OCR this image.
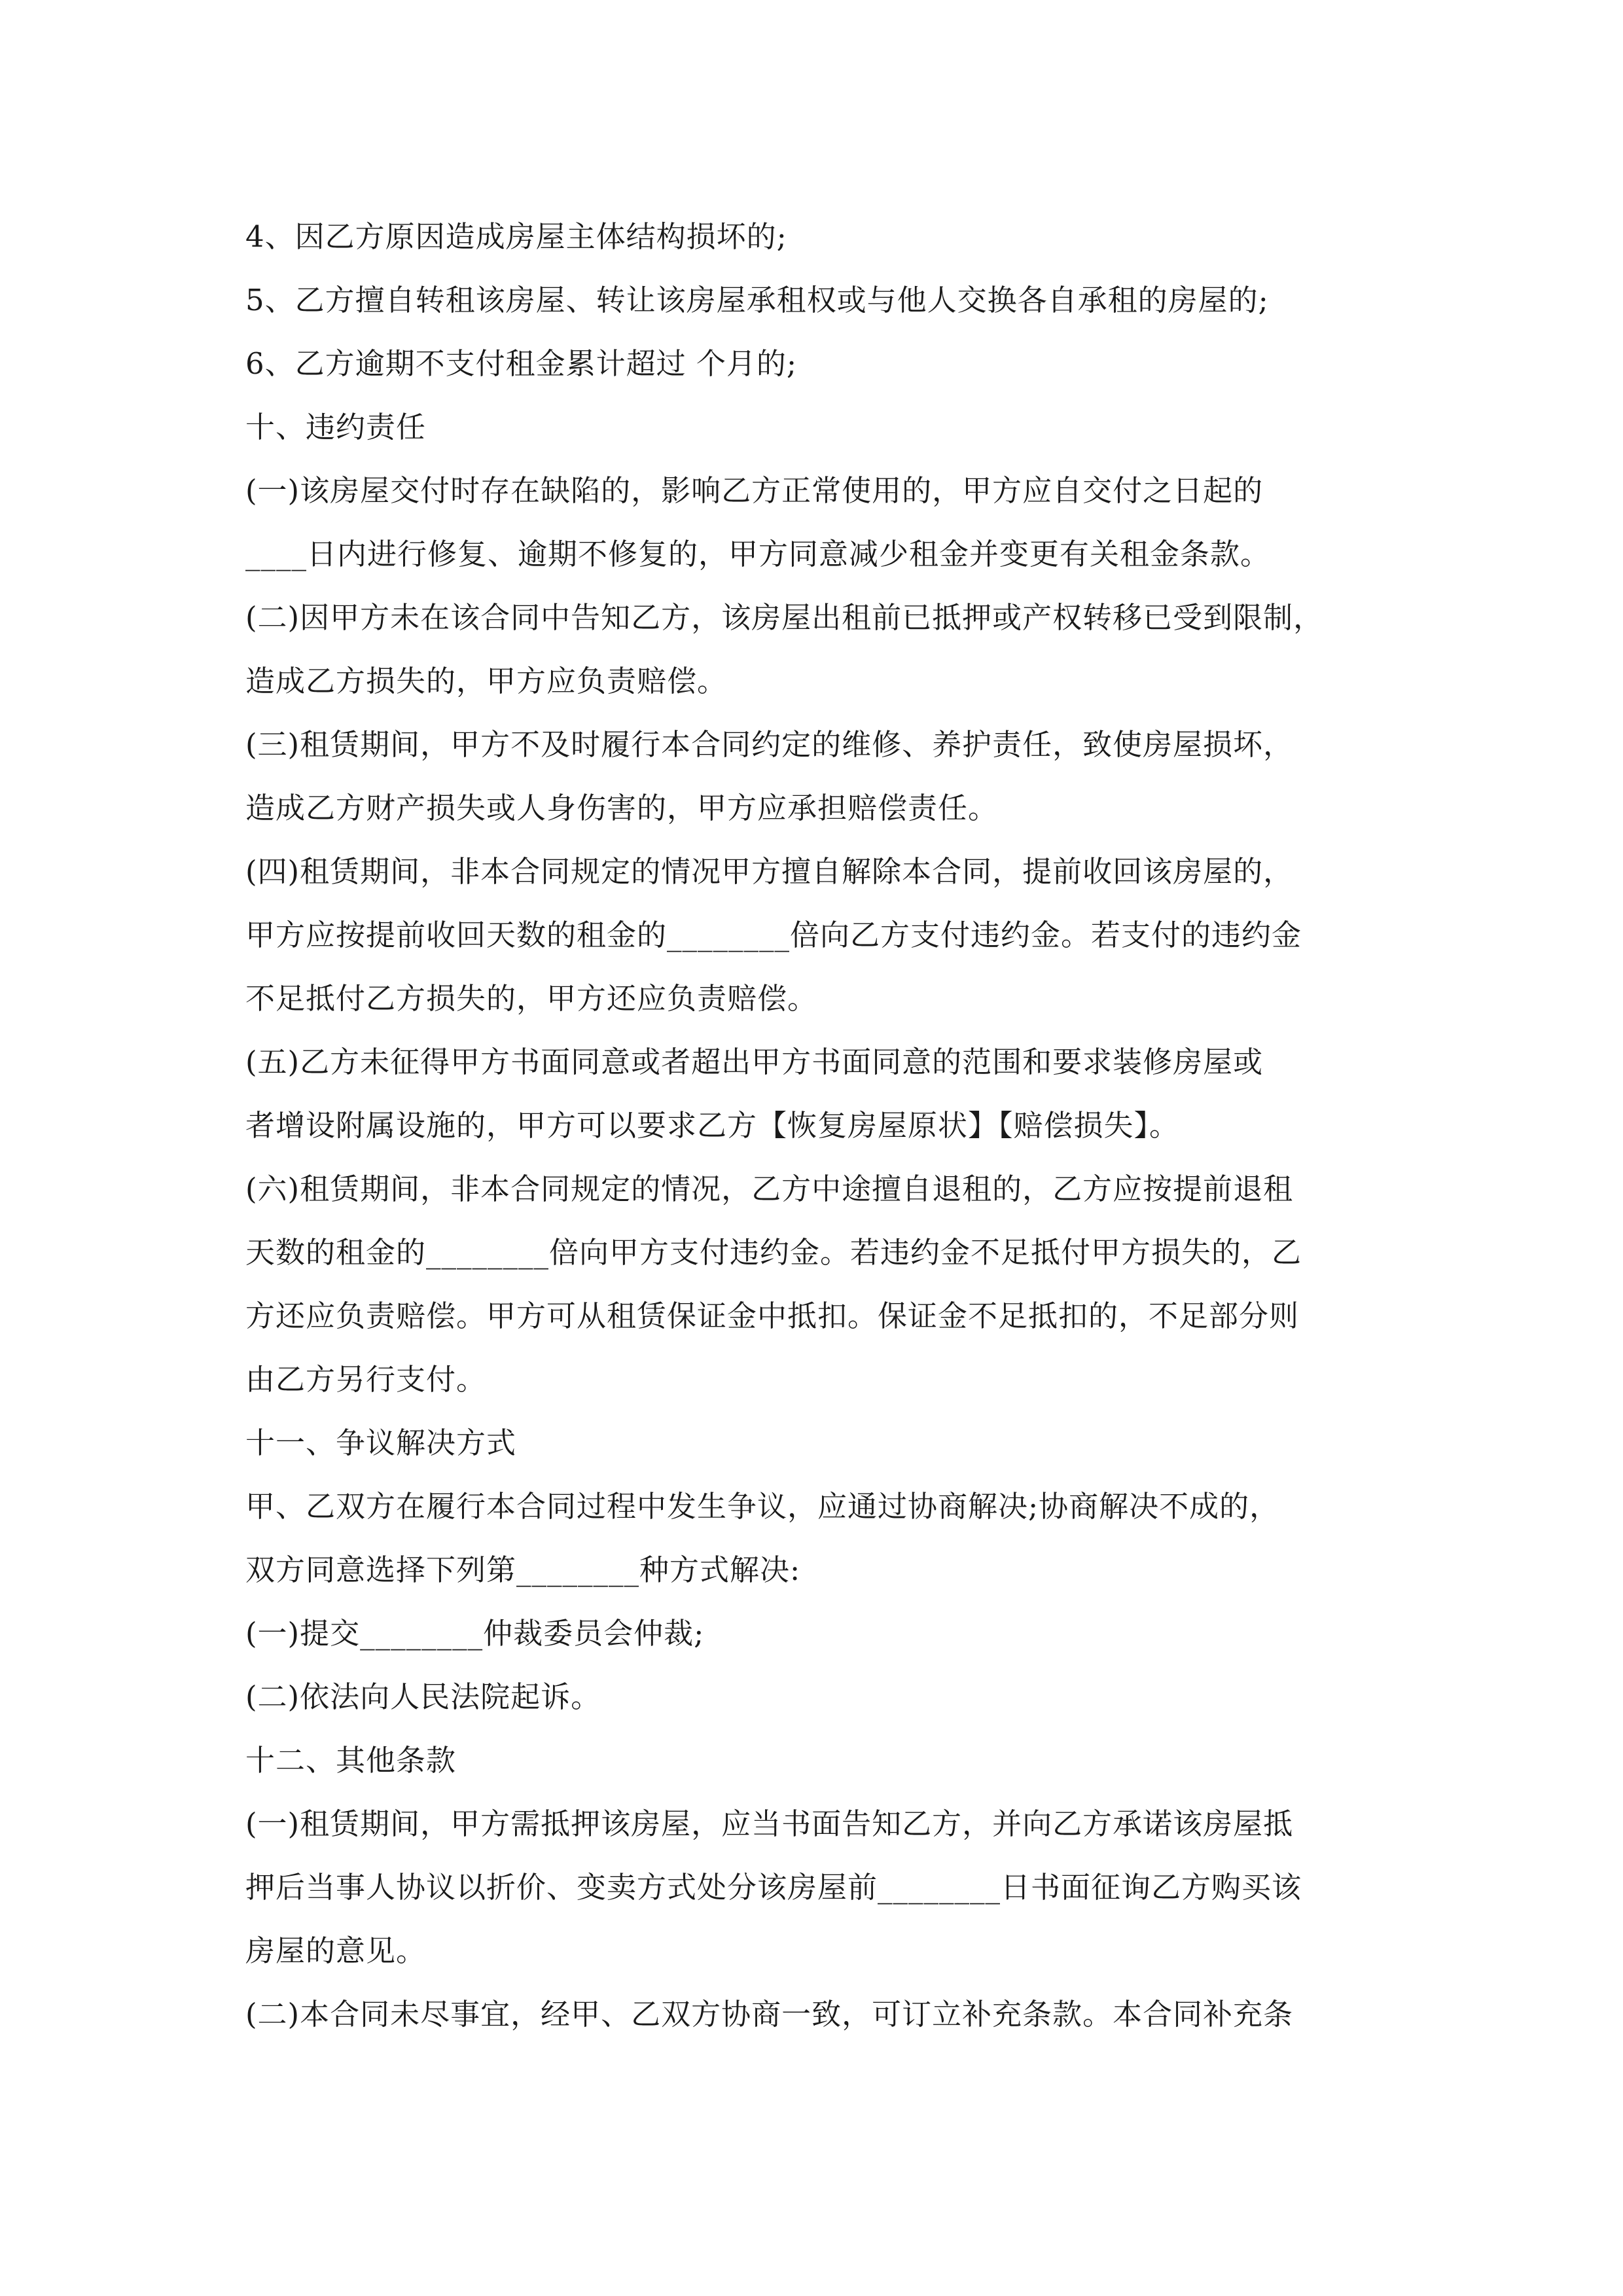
4、因乙方原因造成房屋主体结构损坏的;
5、乙方擅自转租该房屋、转让该房屋承租权或与他人交换各自承租的房屋的;
6、乙方逾期不支付租金累计超过 个月的;
十、违约责任
(一)该房屋交付时存在缺陷的，影响乙方正常使用的，甲方应自交付之日起的
____日内进行修复、逾期不修复的，甲方同意减少租金并变更有关租金条款。
(二)因甲方未在该合同中告知乙方，该房屋出租前已抵押或产权转移已受到限制，
造成乙方损失的，甲方应负责赔偿。
(三)租赁期间，甲方不及时履行本合同约定的维修、养护责任，致使房屋损坏，
造成乙方财产损失或人身伤害的，甲方应承担赔偿责任。
(四)租赁期间，非本合同规定的情况甲方擅自解除本合同，提前收回该房屋的，
甲方应按提前收回天数的租金的________倍向乙方支付违约金。若支付的违约金
不足抵付乙方损失的，甲方还应负责赔偿。
(五)乙方未征得甲方书面同意或者超出甲方书面同意的范围和要求装修房屋或
者增设附属设施的，甲方可以要求乙方【恢复房屋原状】【赔偿损失】。
(六)租赁期间，非本合同规定的情况，乙方中途擅自退租的，乙方应按提前退租
天数的租金的________倍向甲方支付违约金。若违约金不足抵付甲方损失的，乙
方还应负责赔偿。甲方可从租赁保证金中抵扣。保证金不足抵扣的，不足部分则
由乙方另行支付。
十一、争议解决方式
甲、乙双方在履行本合同过程中发生争议，应通过协商解决;协商解决不成的，
双方同意选择下列第________种方式解决:
(一)提交________仲裁委员会仲裁;
(二)依法向人民法院起诉。
十二、其他条款
(一)租赁期间，甲方需抵押该房屋，应当书面告知乙方，并向乙方承诺该房屋抵
押后当事人协议以折价、变卖方式处分该房屋前________日书面征询乙方购买该
房屋的意见。
(二)本合同未尽事宜，经甲、乙双方协商一致，可订立补充条款。本合同补充条
